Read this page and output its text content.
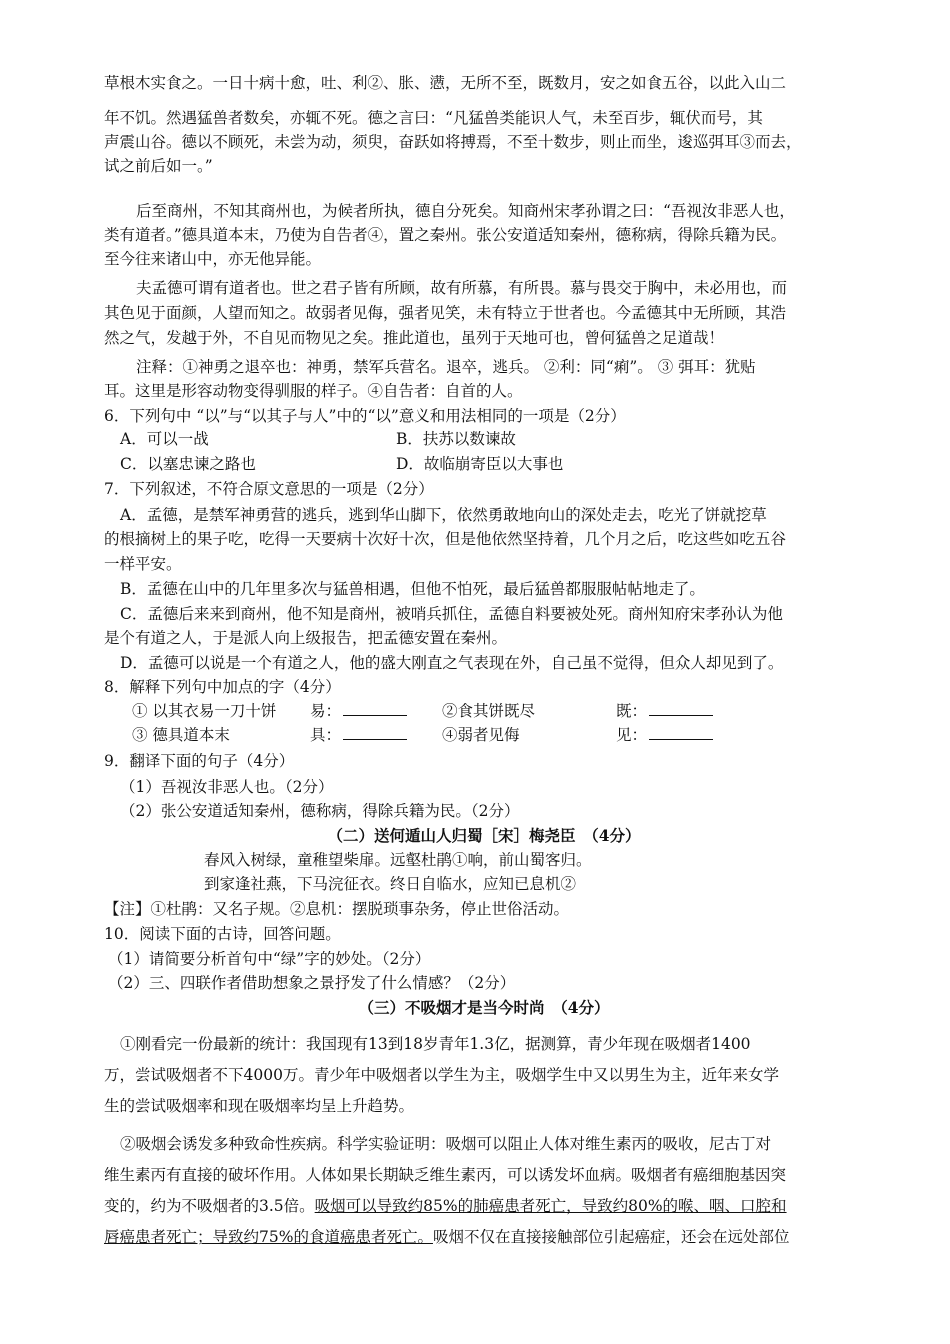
草根木实食之。一日十病十愈，吐、利②、胀、懑，无所不至，既数月，安之如食五谷，以此入山二
年不饥。然遇猛兽者数矣，亦辄不死。德之言曰：“凡猛兽类能识人气，未至百步，辄伏而号，其
声震山谷。德以不顾死，未尝为动，须臾，奋跃如将搏焉，不至十数步，则止而坐，逡巡弭耳③而去，
试之前后如一。”
后至商州，不知其商州也，为候者所执，德自分死矣。知商州宋孝孙谓之曰：“吾视汝非恶人也，
类有道者。”德具道本末，乃使为自告者④，置之秦州。张公安道适知秦州，德称病，得除兵籍为民。
至今往来诸山中，亦无他异能。
夫孟德可谓有道者也。世之君子皆有所顾，故有所慕，有所畏。慕与畏交于胸中，未必用也，而
其色见于面颜，人望而知之。故弱者见侮，强者见笑，未有特立于世者也。今孟德其中无所顾，其浩
然之气，发越于外，不自见而物见之矣。推此道也，虽列于天地可也，曾何猛兽之足道哉！
注释：①神勇之退卒也：神勇，禁军兵营名。退卒，逃兵。 ②利：同“痢”。 ③ 弭耳：犹贴
耳。这里是形容动物变得驯服的样子。④自告者：自首的人。
6．下列句中 “以”与“以其子与人”中的“以”意义和用法相同的一项是（2分）
A．可以一战	B．扶苏以数谏故
C．以塞忠谏之路也	D．故临崩寄臣以大事也
7．下列叙述，不符合原文意思的一项是（2分）
A．孟德，是禁军神勇营的逃兵，逃到华山脚下，依然勇敢地向山的深处走去，吃光了饼就挖草
的根摘树上的果子吃，吃得一天要病十次好十次，但是他依然坚持着，几个月之后，吃这些如吃五谷
一样平安。
B．孟德在山中的几年里多次与猛兽相遇，但他不怕死，最后猛兽都服服帖帖地走了。
C．孟德后来来到商州，他不知是商州，被哨兵抓住，孟德自料要被处死。商州知府宋孝孙认为他
是个有道之人，于是派人向上级报告，把孟德安置在秦州。
D．孟德可以说是一个有道之人，他的盛大刚直之气表现在外，自己虽不觉得，但众人却见到了。
8．解释下列句中加点的字（4分）
① 以其衣易一刀十饼 易：	②食其饼既尽	既：
③ 德具道本末	具：	④弱者见侮	见：
9．翻译下面的句子（4分）
（1）吾视汝非恶人也。（2分）
（2）张公安道适知秦州，德称病，得除兵籍为民。（2分）
（二）送何遁山人归蜀［宋］梅尧臣　（4分）
春风入树绿，童稚望柴扉。远壑杜鹃①响，前山蜀客归。
到家逢社燕，下马浣征衣。终日自临水，应知已息机②
【注】①杜鹃：又名子规。②息机：摆脱琐事杂务，停止世俗活动。
10．阅读下面的古诗，回答问题。
（1）请简要分析首句中“绿”字的妙处。（2分）
（2）三、四联作者借助想象之景抒发了什么情感？（2分）
（三）不吸烟才是当今时尚　（4分）
①刚看完一份最新的统计：我国现有13到18岁青年1.3亿，据测算，青少年现在吸烟者1400
万，尝试吸烟者不下4000万。青少年中吸烟者以学生为主，吸烟学生中又以男生为主，近年来女学
生的尝试吸烟率和现在吸烟率均呈上升趋势。
②吸烟会诱发多种致命性疾病。科学实验证明：吸烟可以阻止人体对维生素丙的吸收，尼古丁对
维生素丙有直接的破坏作用。人体如果长期缺乏维生素丙，可以诱发坏血病。吸烟者有癌细胞基因突
变的，约为不吸烟者的3.5倍。吸烟可以导致约85%的肺癌患者死亡，导致约80%的喉、咽、口腔和
唇癌患者死亡；导致约75%的食道癌患者死亡。吸烟不仅在直接接触部位引起癌症，还会在远处部位
